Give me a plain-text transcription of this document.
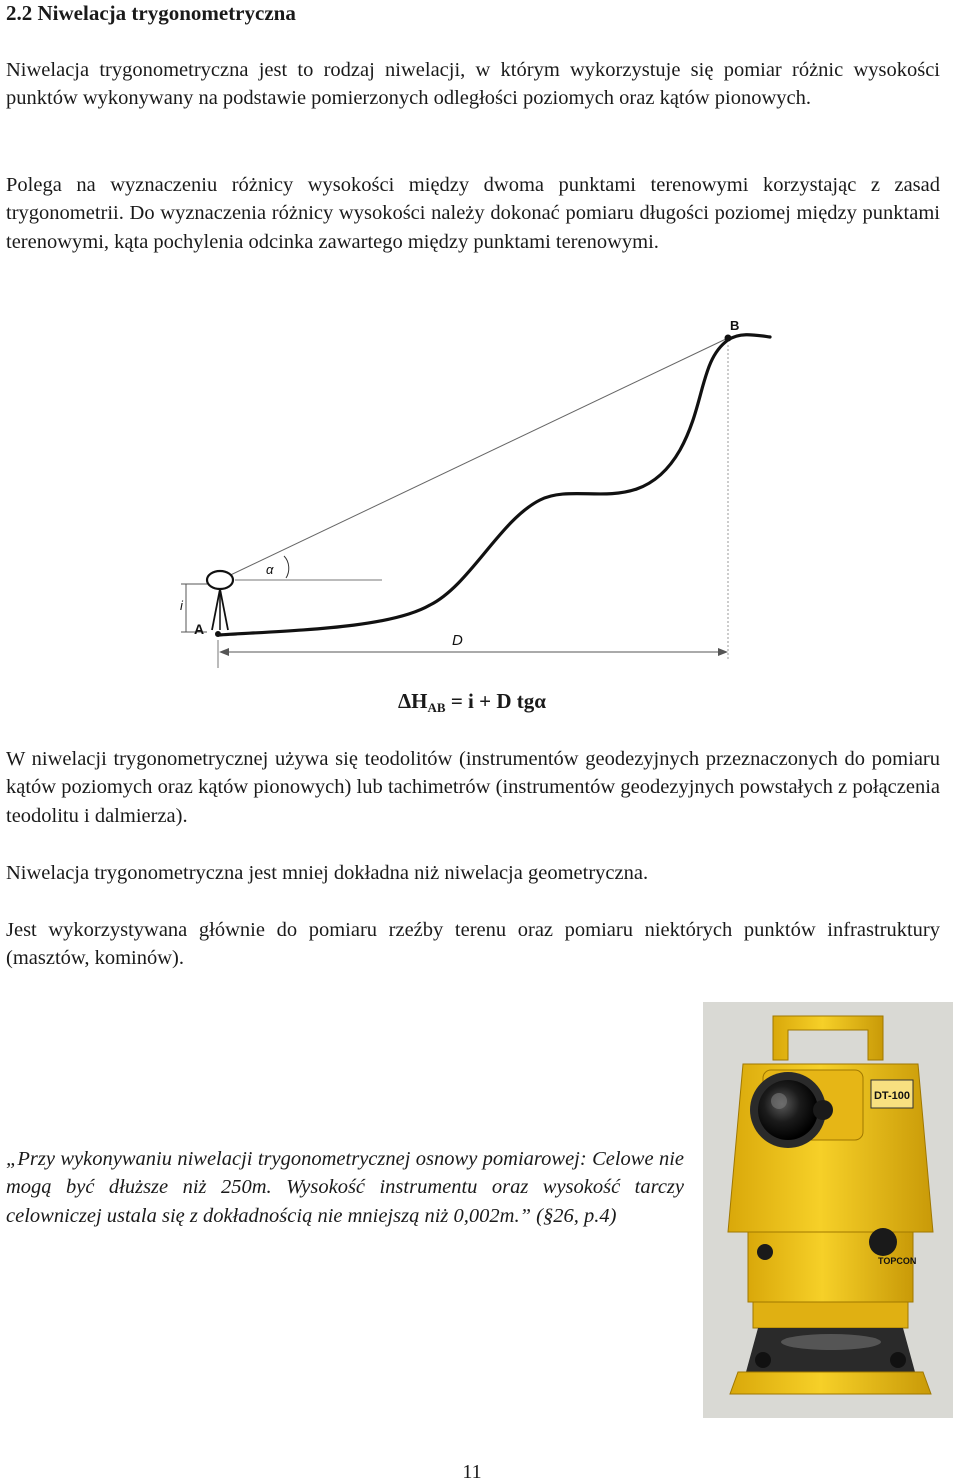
2.2 Niwelacja trygonometryczna
Niwelacja trygonometryczna jest to rodzaj niwelacji, w którym wykorzystuje się pomiar różnic wysokości punktów wykonywany na podstawie pomierzonych odległości poziomych oraz kątów pionowych.
Polega na wyznaczeniu różnicy wysokości między dwoma punktami terenowymi korzystając z zasad trygonometrii. Do wyznaczenia różnicy wysokości należy dokonać pomiaru długości poziomej między punktami terenowymi, kąta pochylenia odcinka zawartego między punktami terenowymi.
B
A
α
i
D
$\Delta H_{AB} = i + D$ tgα
W niwelacji trygonometrycznej używa się teodolitów (instrumentów geodezyjnych przeznaczonych do pomiaru kątów poziomych oraz kątów pionowych) lub tachimetrów (instrumentów geodezyjnych powstałych z połączenia teodolitu i dalmierza).
Niwelacja trygonometryczna jest mniej dokładna niż niwelacja geometryczna.
Jest wykorzystywana głównie do pomiaru rzeźby terenu oraz pomiaru niektórych punktów infrastruktury (masztów, kominów).
„Przy wykonywaniu niwelacji trygonometrycznej osnowy pomiarowej: Celowe nie mogą być dłuższe niż 250m. Wysokość instrumentu oraz wysokość tarczy celowniczej ustala się z dokładnością nie mniejszą niż 0,002m.” (§26, p.4)
DT-100
TOPCON
11
